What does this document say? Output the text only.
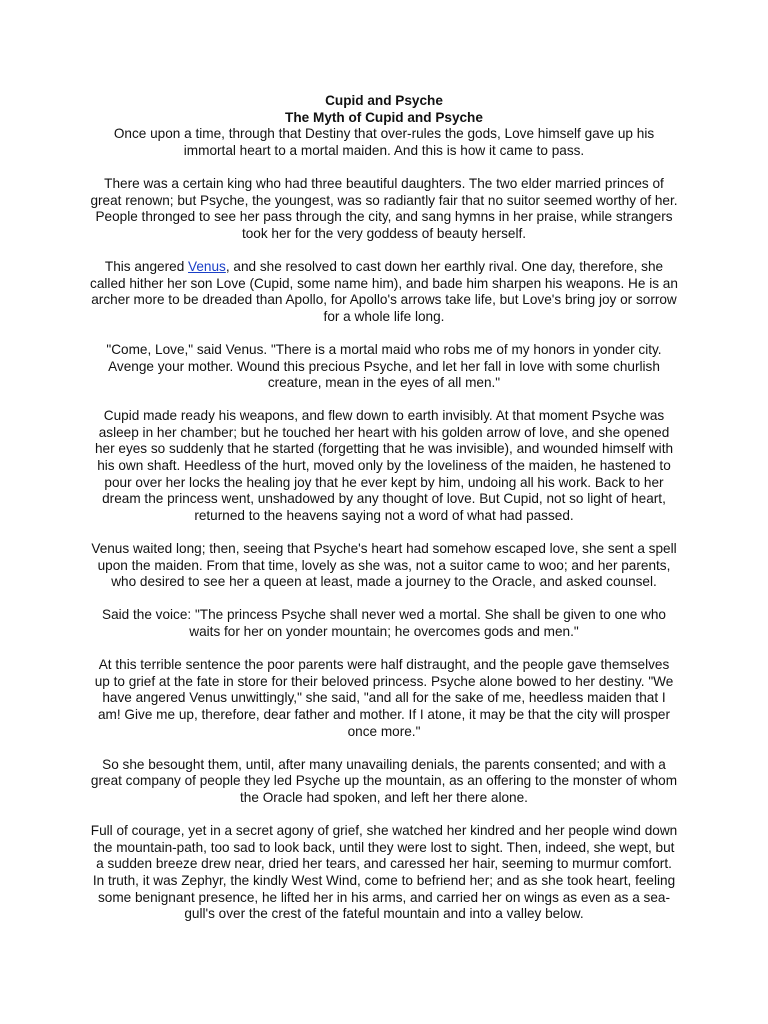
Cupid and Psyche

The Myth of Cupid and Psyche

Once upon a time, through that Destiny that over-rules the gods, Love himself gave up his immortal heart to a mortal maiden. And this is how it came to pass.

There was a certain king who had three beautiful daughters. The two elder married princes of great renown; but Psyche, the youngest, was so radiantly fair that no suitor seemed worthy of her. People thronged to see her pass through the city, and sang hymns in her praise, while strangers took her for the very goddess of beauty herself.

This angered Venus, and she resolved to cast down her earthly rival. One day, therefore, she called hither her son Love (Cupid, some name him), and bade him sharpen his weapons. He is an archer more to be dreaded than Apollo, for Apollo's arrows take life, but Love's bring joy or sorrow for a whole life long.

"Come, Love," said Venus. "There is a mortal maid who robs me of my honors in yonder city. Avenge your mother. Wound this precious Psyche, and let her fall in love with some churlish creature, mean in the eyes of all men."

Cupid made ready his weapons, and flew down to earth invisibly. At that moment Psyche was asleep in her chamber; but he touched her heart with his golden arrow of love, and she opened her eyes so suddenly that he started (forgetting that he was invisible), and wounded himself with his own shaft. Heedless of the hurt, moved only by the loveliness of the maiden, he hastened to pour over her locks the healing joy that he ever kept by him, undoing all his work. Back to her dream the princess went, unshadowed by any thought of love. But Cupid, not so light of heart, returned to the heavens saying not a word of what had passed.

Venus waited long; then, seeing that Psyche's heart had somehow escaped love, she sent a spell upon the maiden. From that time, lovely as she was, not a suitor came to woo; and her parents, who desired to see her a queen at least, made a journey to the Oracle, and asked counsel.

Said the voice: "The princess Psyche shall never wed a mortal. She shall be given to one who waits for her on yonder mountain; he overcomes gods and men."

At this terrible sentence the poor parents were half distraught, and the people gave themselves up to grief at the fate in store for their beloved princess. Psyche alone bowed to her destiny. "We have angered Venus unwittingly," she said, "and all for the sake of me, heedless maiden that I am! Give me up, therefore, dear father and mother. If I atone, it may be that the city will prosper once more."

So she besought them, until, after many unavailing denials, the parents consented; and with a great company of people they led Psyche up the mountain, as an offering to the monster of whom the Oracle had spoken, and left her there alone.

Full of courage, yet in a secret agony of grief, she watched her kindred and her people wind down the mountain-path, too sad to look back, until they were lost to sight. Then, indeed, she wept, but a sudden breeze drew near, dried her tears, and caressed her hair, seeming to murmur comfort. In truth, it was Zephyr, the kindly West Wind, come to befriend her; and as she took heart, feeling some benignant presence, he lifted her in his arms, and carried her on wings as even as a sea-gull's over the crest of the fateful mountain and into a valley below.
